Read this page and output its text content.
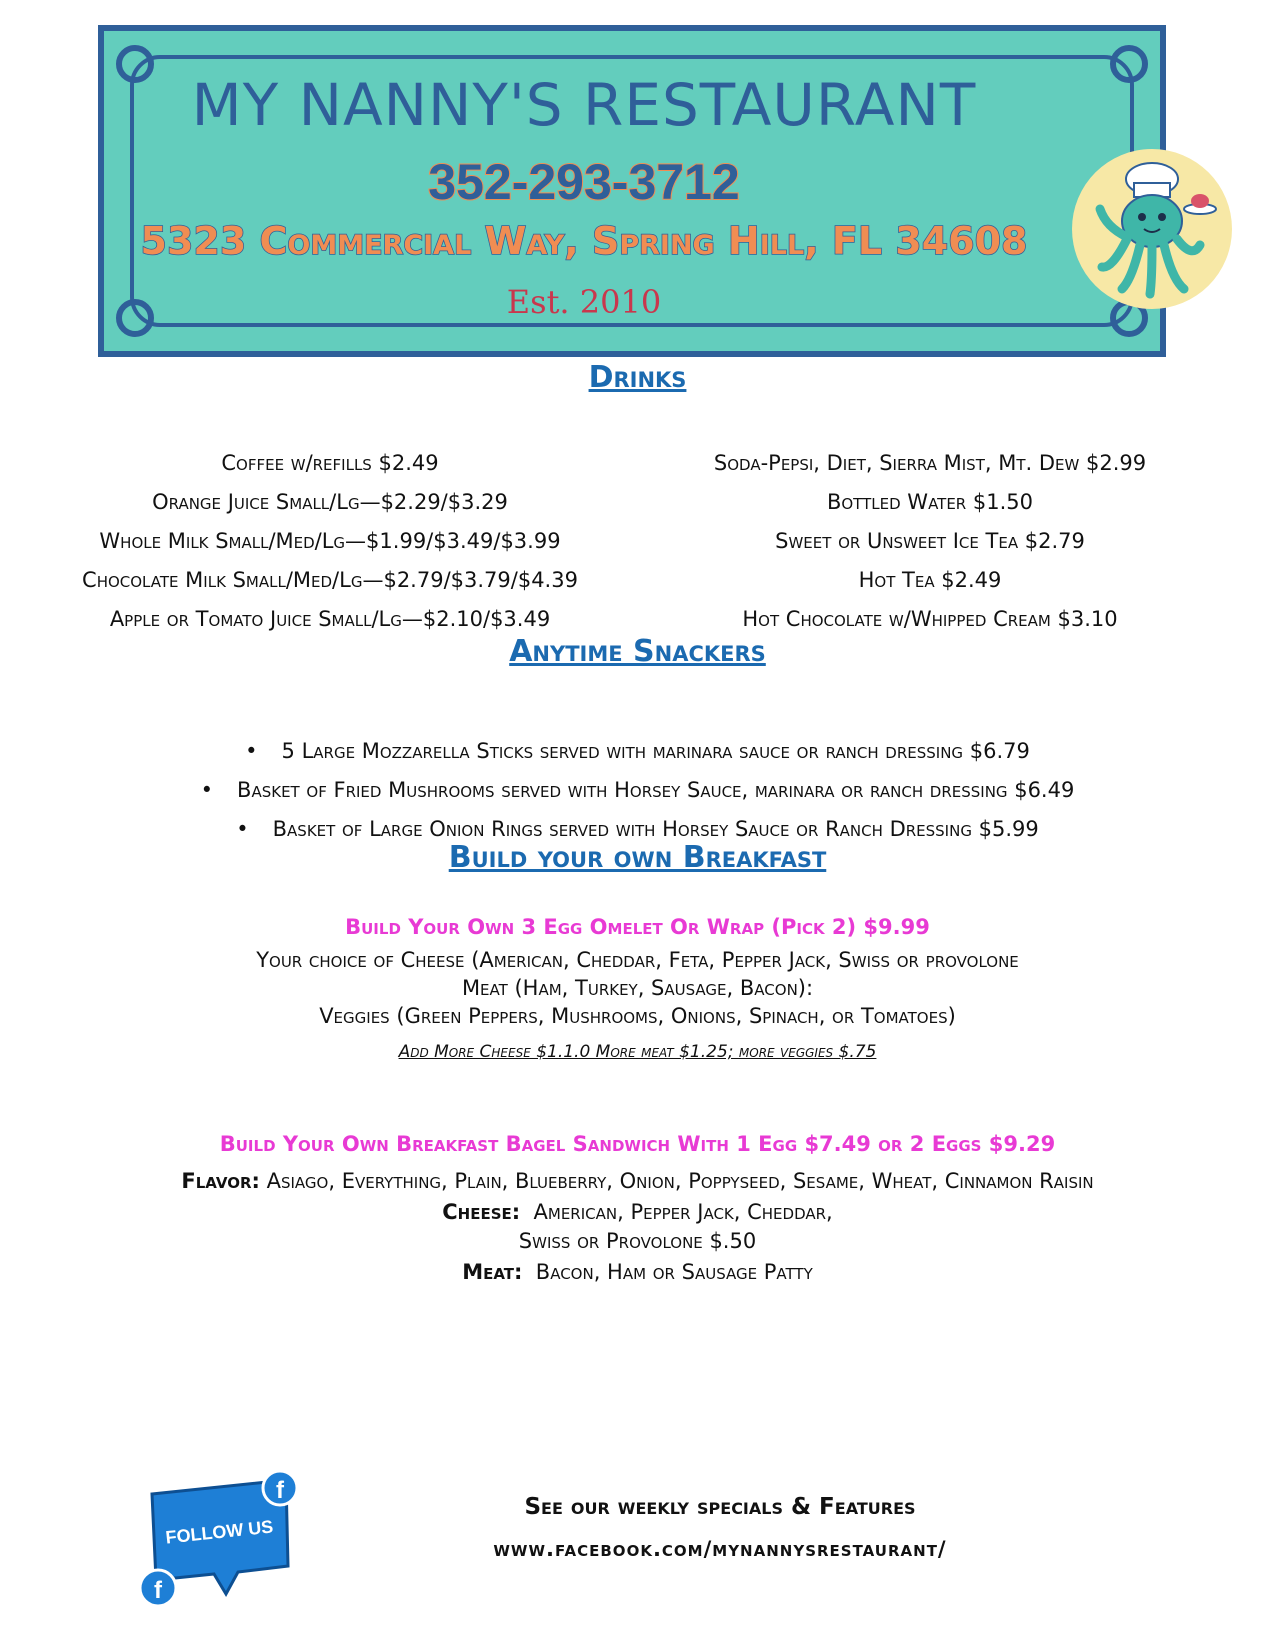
MY NANNY'S RESTAURANT
352-293-3712
5323 Commercial Way, Spring Hill, FL 34608
Est. 2010
Drinks
Coffee w/refills $2.49
Orange Juice Small/Lg—$2.29/$3.29
Whole Milk Small/Med/Lg—$1.99/$3.49/$3.99
Chocolate Milk Small/Med/Lg—$2.79/$3.79/$4.39
Apple or Tomato Juice Small/Lg—$2.10/$3.49
Soda-Pepsi, Diet, Sierra Mist, Mt. Dew $2.99
Bottled Water $1.50
Sweet or Unsweet Ice Tea $2.79
Hot Tea $2.49
Hot Chocolate w/Whipped Cream $3.10
Anytime Snackers
• 5 Large Mozzarella Sticks served with marinara sauce or ranch dressing $6.79
• Basket of Fried Mushrooms served with Horsey Sauce, marinara or ranch dressing $6.49
• Basket of Large Onion Rings served with Horsey Sauce or Ranch Dressing $5.99
Build your own Breakfast
Build Your Own 3 Egg Omelet Or Wrap (Pick 2) $9.99
Your choice of Cheese (American, Cheddar, Feta, Pepper Jack, Swiss or provolone
Meat (Ham, Turkey, Sausage, Bacon):
Veggies (Green Peppers, Mushrooms, Onions, Spinach, or Tomatoes)
Add More Cheese $1.1.0 More meat $1.25; more veggies $.75
Build Your Own Breakfast Bagel Sandwich With 1 Egg $7.49 or 2 Eggs $9.29
Flavor: Asiago, Everything, Plain, Blueberry, Onion, Poppyseed, Sesame, Wheat, Cinnamon Raisin
Cheese: American, Pepper Jack, Cheddar,
Swiss or Provolone $.50
Meat: Bacon, Ham or Sausage Patty
FOLLOW US
f
f
See our weekly specials & Features
www.facebook.com/mynannysrestaurant/
